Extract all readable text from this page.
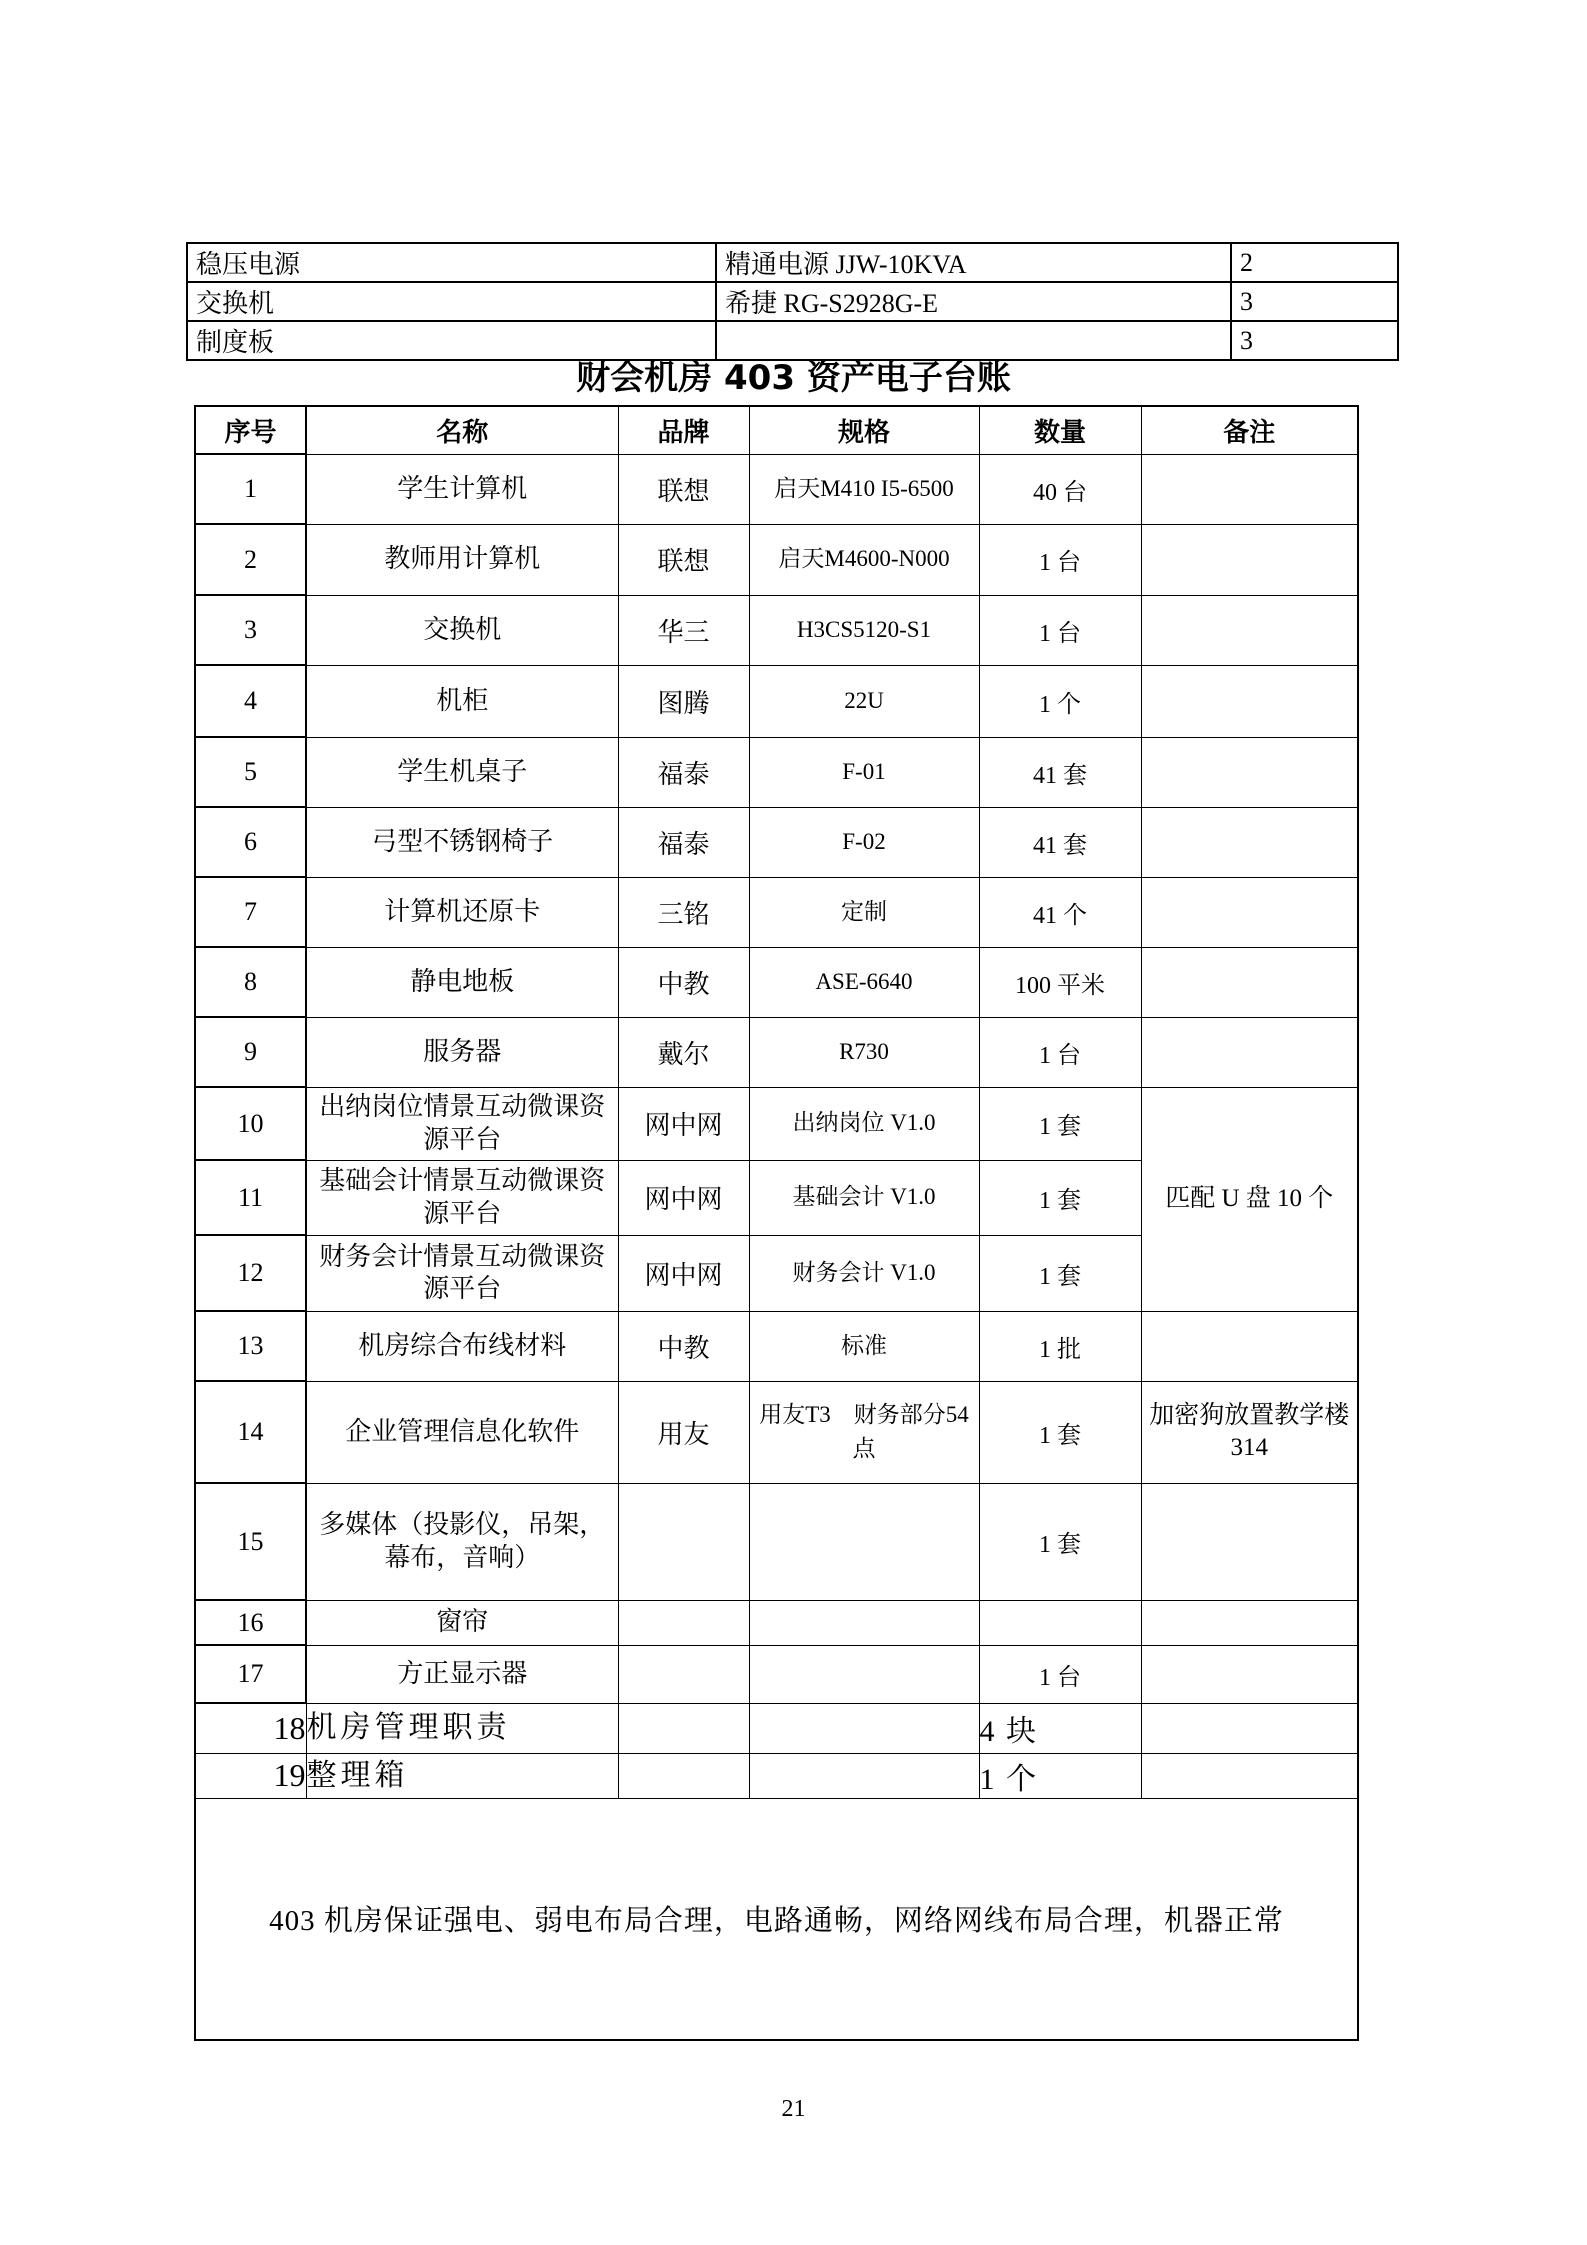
稳压电源	精通电源 JJW-10KVA	2
交换机	希捷 RG-S2928G-E	3
制度板		3
财会机房 403 资产电子台账
序号	名称	品牌	规格	数量	备注
1	学生计算机	联想	启天M410 I5-6500	40 台	
2	教师用计算机	联想	启天M4600-N000	1 台	
3	交换机	华三	H3CS5120-S1	1 台	
4	机柜	图腾	22U	1 个	
5	学生机桌子	福泰	F-01	41 套	
6	弓型不锈钢椅子	福泰	F-02	41 套	
7	计算机还原卡	三铭	定制	41 个	
8	静电地板	中教	ASE-6640	100 平米	
9	服务器	戴尔	R730	1 台	
10	出纳岗位情景互动微课资源平台	网中网	出纳岗位 V1.0	1 套	匹配 U 盘 10 个
11	基础会计情景互动微课资源平台	网中网	基础会计 V1.0	1 套	
12	财务会计情景互动微课资源平台	网中网	财务会计 V1.0	1 套	
13	机房综合布线材料	中教	标准	1 批	
14	企业管理信息化软件	用友	用友T3　财务部分54点	1 套	加密狗放置教学楼314
15	多媒体（投影仪，吊架，幕布，音响）			1 套	
16	窗帘				
17	方正显示器			1 台	
18	机房管理职责			4 块	
19	整理箱			1 个	
403 机房保证强电、弱电布局合理，电路通畅，网络网线布局合理，机器正常					
21
